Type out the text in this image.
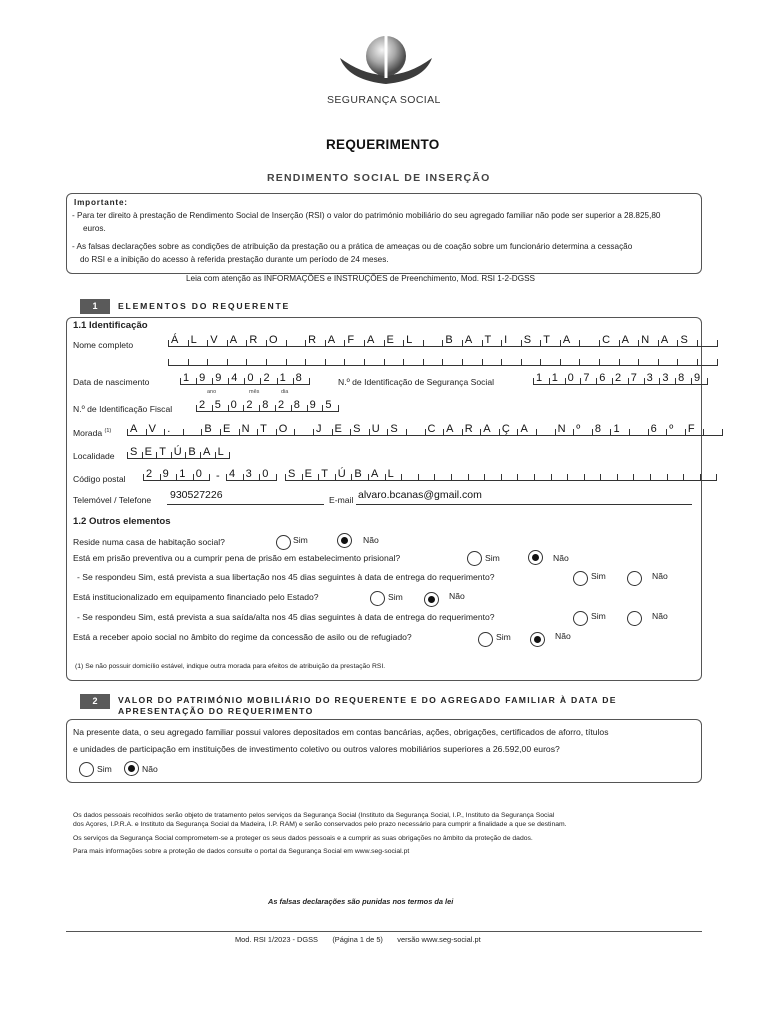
SEGURANÇA SOCIAL
REQUERIMENTO
RENDIMENTO SOCIAL DE INSERÇÃO
Importante:
- Para ter direito à prestação de Rendimento Social de Inserção (RSI) o valor do património mobiliário do seu agregado familiar não pode ser superior a 28.825,80
euros.
- As falsas declarações sobre as condições de atribuição da prestação ou a prática de ameaças ou de coação sobre um funcionário determina a cessação
do RSI e a inibição do acesso à referida prestação durante um período de 24 meses.
Leia com atenção as INFORMAÇÕES e INSTRUÇÕES de Preenchimento, Mod. RSI 1-2-DGSS
1	ELEMENTOS DO REQUERENTE
1.1 Identificação
Nome completo	Á L V A R O	R A F A E L	B A T I S T A	C A N A S
Data de nascimento	1 9 9 4 0 2 1 8
ano	mês	dia
N.º de Identificação de Segurança Social	1 1 0 7 6 2 7 3 3 8 9
N.º de Identificação Fiscal 2 5 0 2 8 2 8 9 5
Morada $^{(1)}$ A V .	B E N T O	J E S U S	C A R A Ç A	N º 8 1	6 º F
Localidade S E T Ú B A L
Código postal 2 9 1 0 - 4 3 0 S E T Ú B A L
Telemóvel / Telefone 930527226	E-mail alvaro.bcanas@gmail.com
1.2 Outros elementos
Reside numa casa de habitação social?	Sim	Não
Está em prisão preventiva ou a cumprir pena de prisão em estabelecimento prisional?	Sim	Não
- Se respondeu Sim, está prevista a sua libertação nos 45 dias seguintes à data de entrega do requerimento?	Sim	Não
Está institucionalizado em equipamento financiado pelo Estado?	Sim	Não
- Se respondeu Sim, está prevista a sua saída/alta nos 45 dias seguintes à data de entrega do requerimento?	Sim	Não
Está a receber apoio social no âmbito do regime da concessão de asilo ou de refugiado?	Sim	Não
(1) Se não possuir domicílio estável, indique outra morada para efeitos de atribuição da prestação RSI.
2	VALOR DO PATRIMÓNIO MOBILIÁRIO DO REQUERENTE E DO AGREGADO FAMILIAR À DATA DE
APRESENTAÇÃO DO REQUERIMENTO
Na presente data, o seu agregado familiar possui valores depositados em contas bancárias, ações, obrigações, certificados de aforro, títulos
e unidades de participação em instituições de investimento coletivo ou outros valores mobiliários superiores a 26.592,00 euros?
Sim	Não
Os dados pessoais recolhidos serão objeto de tratamento pelos serviços da Segurança Social (Instituto da Segurança Social, I.P., Instituto da Segurança Social
dos Açores, I.P.R.A. e Instituto da Segurança Social da Madeira, I.P. RAM) e serão conservados pelo prazo necessário para cumprir a finalidade a que se destinam.
Os serviços da Segurança Social comprometem-se a proteger os seus dados pessoais e a cumprir as suas obrigações no âmbito da proteção de dados.
Para mais informações sobre a proteção de dados consulte o portal da Segurança Social em www.seg-social.pt
As falsas declarações são punidas nos termos da lei
Mod. RSI 1/2023 - DGSS       (Página 1 de 5)       versão www.seg-social.pt
